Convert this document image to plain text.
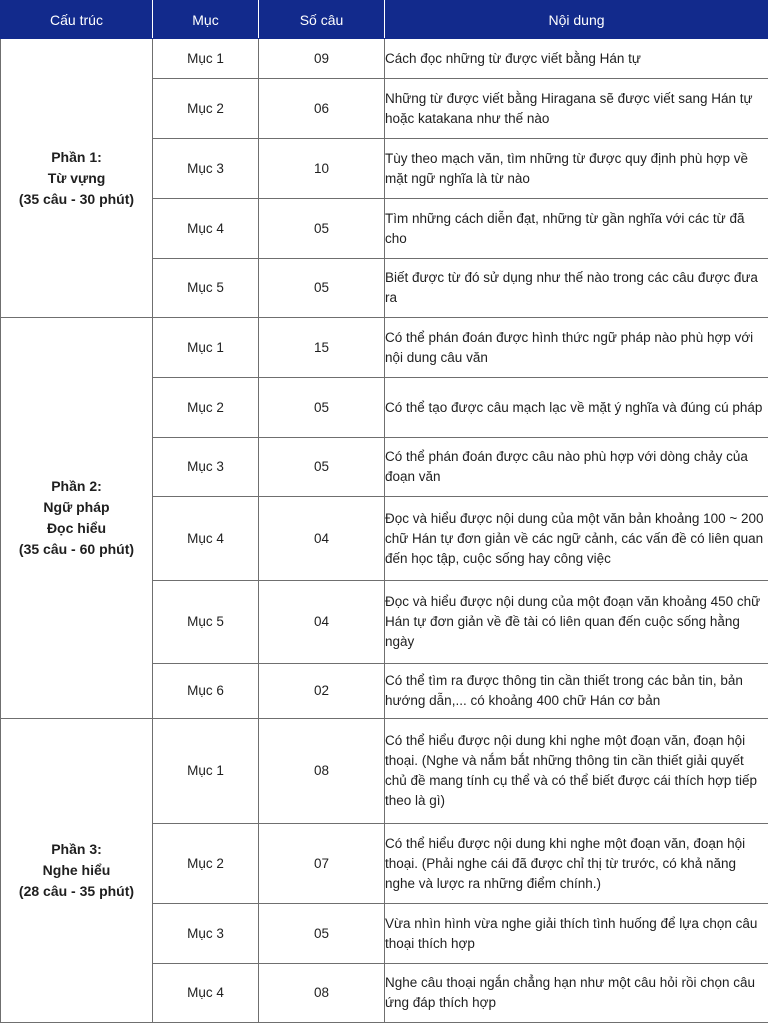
Cấu trúc	Mục	Số câu	Nội dung

Phần 1:
Từ vựng
(35 câu - 30 phút)	Mục 1	09	Cách đọc những từ được viết bằng Hán tự
	Mục 2	06	Những từ được viết bằng Hiragana sẽ được viết sang Hán tự hoặc katakana như thế nào
	Mục 3	10	Tùy theo mạch văn, tìm những từ được quy định phù hợp về mặt ngữ nghĩa là từ nào
	Mục 4	05	Tìm những cách diễn đạt, những từ gần nghĩa với các từ đã cho
	Mục 5	05	Biết được từ đó sử dụng như thế nào trong các câu được đưa ra

Phần 2:
Ngữ pháp
Đọc hiểu
(35 câu - 60 phút)	Mục 1	15	Có thể phán đoán được hình thức ngữ pháp nào phù hợp với nội dung câu văn
	Mục 2	05	Có thể tạo được câu mạch lạc về mặt ý nghĩa và đúng cú pháp
	Mục 3	05	Có thể phán đoán được câu nào phù hợp với dòng chảy của đoạn văn
	Mục 4	04	Đọc và hiểu được nội dung của một văn bản khoảng 100 ~ 200 chữ Hán tự đơn giản về các ngữ cảnh, các vấn đề có liên quan đến học tập, cuộc sống hay công việc
	Mục 5	04	Đọc và hiểu được nội dung của một đoạn văn khoảng 450 chữ Hán tự đơn giản về đề tài có liên quan đến cuộc sống hằng ngày
	Mục 6	02	Có thể tìm ra được thông tin cần thiết trong các bản tin, bản hướng dẫn,... có khoảng 400 chữ Hán cơ bản

Phần 3:
Nghe hiểu
(28 câu - 35 phút)	Mục 1	08	Có thể hiểu được nội dung khi nghe một đoạn văn, đoạn hội thoại. (Nghe và nắm bắt những thông tin cần thiết giải quyết chủ đề mang tính cụ thể và có thể biết được cái thích hợp tiếp theo là gì)
	Mục 2	07	Có thể hiểu được nội dung khi nghe một đoạn văn, đoạn hội thoại. (Phải nghe cái đã được chỉ thị từ trước, có khả năng nghe và lược ra những điểm chính.)
	Mục 3	05	Vừa nhìn hình vừa nghe giải thích tình huống để lựa chọn câu thoại thích hợp
	Mục 4	08	Nghe câu thoại ngắn chẳng hạn như một câu hỏi rồi chọn câu ứng đáp thích hợp
